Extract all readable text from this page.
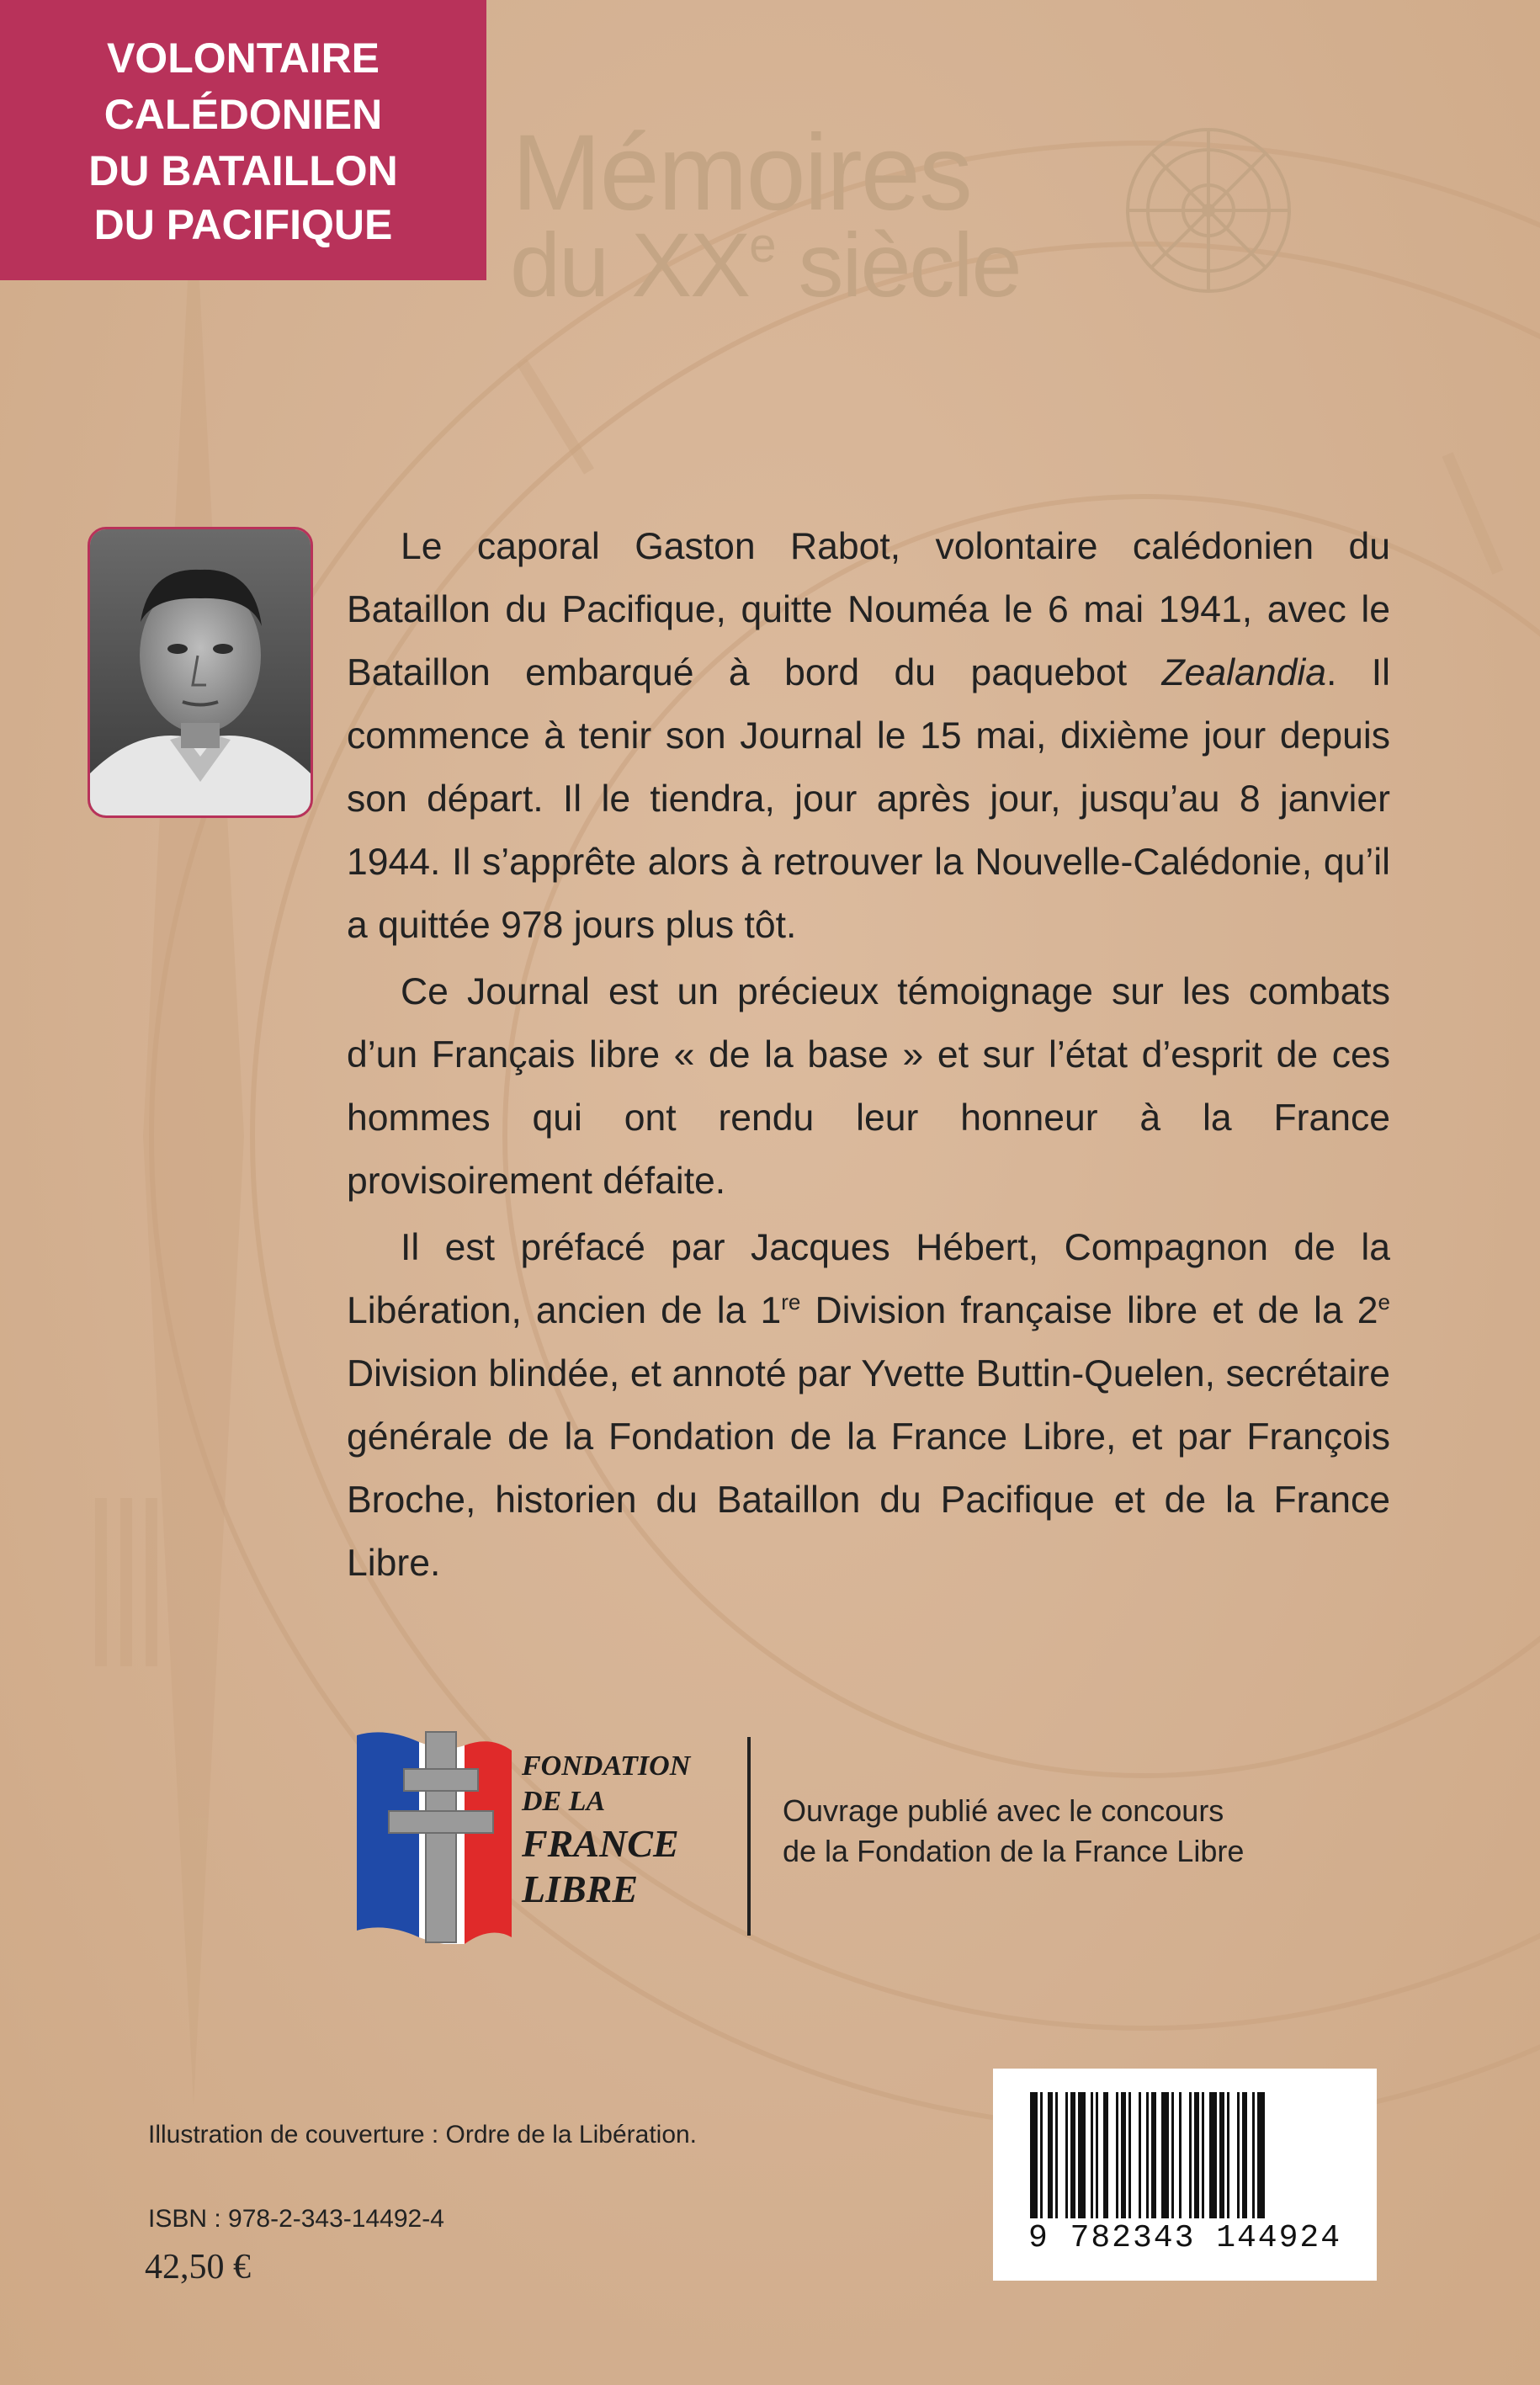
VOLONTAIRE
CALÉDONIEN
DU BATAILLON
DU PACIFIQUE	Mémoires
du XXe siècle

Le caporal Gaston Rabot, volontaire calédonien du Bataillon du Pacifique, quitte Nouméa le 6 mai 1941, avec le Bataillon embarqué à bord du paquebot Zealandia. Il commence à tenir son Journal le 15 mai, dixième jour depuis son départ. Il le tiendra, jour après jour, jusqu’au 8 janvier 1944. Il s’apprête alors à retrouver la Nouvelle-Calédonie, qu’il a quittée 978 jours plus tôt.

Ce Journal est un précieux témoignage sur les combats d’un Français libre « de la base » et sur l’état d’esprit de ces hommes qui ont rendu leur honneur à la France provisoirement défaite.

Il est préfacé par Jacques Hébert, Compagnon de la Libération, ancien de la 1re Division française libre et de la 2e Division blindée, et annoté par Yvette Buttin-Quelen, secrétaire générale de la Fondation de la France Libre, et par François Broche, historien du Bataillon du Pacifique et de la France Libre.

FONDATION
DE LA
FRANCE
LIBRE
Ouvrage publié avec le concours
de la Fondation de la France Libre
Illustration de couverture : Ordre de la Libération.
ISBN : 978-2-343-14492-4
42,50 €
9 782343 144924
